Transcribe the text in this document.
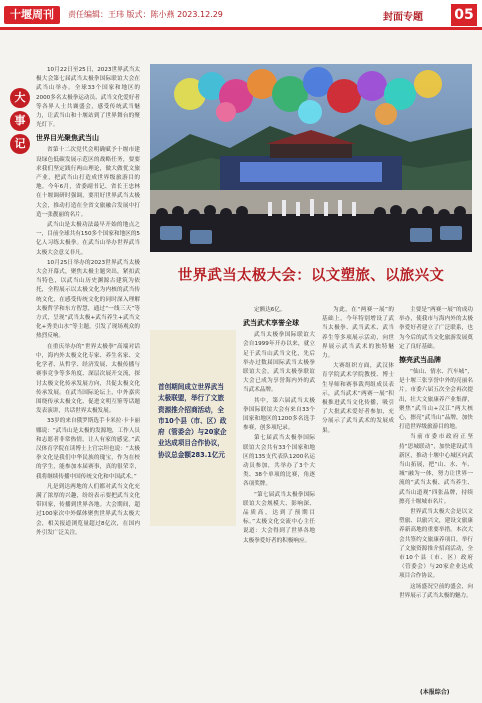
十堰周刊	责任编辑：王玮 版式：陈小燕 2023.12.29	封面专题 05
大
事
记

10月22日至25日，2023世界武当太极大会第七届武当太极拳国际联谊大会在武当山举办。全球33个国家和地区的2000多名太极拳运动员、武当文化爱好者等各界人士共襄盛会，感受传统武当魅力，让武当山和十堰站到了世界舞台的聚光灯下。

世界目光聚焦武当山

省第十二次党代会明确赋予十堰市建设绿色低碳发展示范区的战略任务，要要求我们坚定践行两山理论，做大做优文旅产业，把武当山打造成世界级旅游目的地。今年6月，省委副书记、省长王忠林在十堰调研时强调，要用好世界武当太极大会，推动打造在全省文旅融合发展中打造一张靓丽的名片。

武当山是太极功法最早开始的地点之一，目前全球共有150多个国家和地区的5亿人习练太极拳。在武当山举办世界武当太极大会意义非凡。

10月25日举办的2023世界武当太极大会开幕式，聚焦太极主题突出，紧扣武当特色，以武当山历史渊源古建筑为依托，全程展示以太极文化为内核的武当传统文化，在感受传统文化的同时深入理解太极哲学和东方智慧，通过“一线三天”等方式，呈现“武当太极+武当养生+武当文化+秀美山水”等主题，引发了现场观众的热烈反响。

在重庆举办的“世界太极拳”高端对话中，海内外太极文化专家、养生名家、文化学者、从哲学、经济发展、太极传播与赛事竞争等多角度、深层次展开交流，探讨太极文化传承发展方向，共促太极文化传承发展。在武当国际论坛上，中外嘉宾围绕传承太极文化、促进文明互鉴等话题发表演讲，共话世界太极发展。

33岁的来自俄罗斯选手卡米拉·卡卡丽娜说：“武当山是太极的发源地，工作人员和志愿者非常热情，让人有家的感觉。”武汉体育学院在读博士上官宗坦也说：“太极拳文化是我们中华民族的瑰宝，作为在校的学生，能参加本届赛事，真的很荣幸，我将继续传播中国传统文化和中国武术。”

凡是到达两地的人们都对武当文化充满了浓厚的兴趣，纷纷表示要把武当文化带回家，传播到世界各地。大会期间，超过100家次中外媒体聚焦世界武当太极大会，相关报道浏览量超过8亿次，在国内外引发广泛关注。

世界武当太极大会：以文塑旅、以旅兴文
首创期间成立世界武当太极联盟，举行了文旅资源推介招商活动，全市10个县（市、区）政府（管委会）与20家企业达成项目合作协议，协议总金额283.1亿元

定额达6亿。

武当武术享誉全球

武当太极拳国际联谊大会自1999年开办以来，就立足于武当山武当文化，先后举办过数届国际武当太极拳联谊大会，武当太极拳联谊大会已成为享誉海内外的武当武术品牌。

其中，第六届武当太极拳国际联谊大会有来自33个国家和地区的1200多名选手参赛，创多项纪录。

第七届武当太极拳国际联谊大会共有33个国家和地区的135支代表队1200名运动员参加，共举办了3个大类、38个单项的比赛，角逐各项奖牌。

“第七届武当太极拳国际联谊大会规模大、影响深、品质高，达到了预期目标。”太极文化交流中心主任说道：大会得到了世界各地太极拳爱好者的积极响应。

为此，在“两赛一展”的基础上，今年特别增设了武当太极拳、武当武术、武当养生等多项展示活动，向世界展示武当武术的独特魅力。

大赛组织方面，武汉体育学院武术学院教授、博士生导师和赛事裁判组成员表示，武当武术“两赛一展”积极推进武当文化传播，吸引了大批武术爱好者参加，充分展示了武当武术的发展成果。

主要是“两赛一展”的成功举办，使我市与海内外的太极拳爱好者建立了广泛联系，也为今后的武当文化旅游发展奠定了良好基础。

擦亮武当品牌

“仙山、情水、汽车城”，是十堰三张享誉中外的亮丽名片。市委六届五次全会再次提出，壮大文旅康养产业集群，聚焦“武当山+汉江”两大核心，擦亮“武当山”品牌，加快打造世界级旅游目的地。

当前市委市政府正坚持“思城联动”，加快建设武当新区，推动十堰中心城区向武当山拓展，把“山、水、车、城”融为一体，努力让世界一流的“武当太极、武当养生、武当山道观”四张品牌，持续擦亮十堰城市名片。

世界武当太极大会是以文塑旅、以旅兴文，建设文旅康养新高地的重要举措。本次大会共签约文旅康养项目，举行了文旅资源推介招商活动，全市10个县（市、区）政府（管委会）与20家企业达成项目合作协议。

这场盛况空前的盛会，向世界展示了武当太极的魅力。

(本报综合)
